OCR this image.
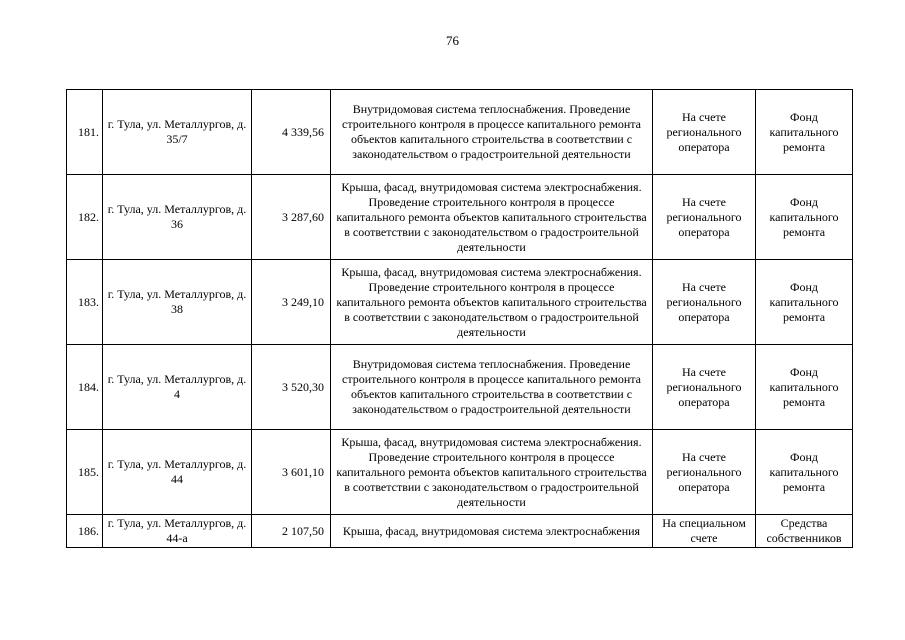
76
181.	г. Тула, ул. Металлургов, д. 35/7	4 339,56	Внутридомовая система теплоснабжения. Проведение строительного контроля в процессе капитального ремонта объектов капитального строительства в соответствии с законодательством о градостроительной деятельности	На счете регионального оператора	Фонд капитального ремонта
182.	г. Тула, ул. Металлургов, д. 36	3 287,60	Крыша, фасад, внутридомовая система электроснабжения. Проведение строительного контроля в процессе капитального ремонта объектов капитального строительства в соответствии с законодательством о градостроительной деятельности	На счете регионального оператора	Фонд капитального ремонта
183.	г. Тула, ул. Металлургов, д. 38	3 249,10	Крыша, фасад, внутридомовая система электроснабжения. Проведение строительного контроля в процессе капитального ремонта объектов капитального строительства в соответствии с законодательством о градостроительной деятельности	На счете регионального оператора	Фонд капитального ремонта
184.	г. Тула, ул. Металлургов, д. 4	3 520,30	Внутридомовая система теплоснабжения. Проведение строительного контроля в процессе капитального ремонта объектов капитального строительства в соответствии с законодательством о градостроительной деятельности	На счете регионального оператора	Фонд капитального ремонта
185.	г. Тула, ул. Металлургов, д. 44	3 601,10	Крыша, фасад, внутридомовая система электроснабжения. Проведение строительного контроля в процессе капитального ремонта объектов капитального строительства в соответствии с законодательством о градостроительной деятельности	На счете регионального оператора	Фонд капитального ремонта
186.	г. Тула, ул. Металлургов, д. 44-а	2 107,50	Крыша, фасад, внутридомовая система электроснабжения	На специальном счете	Средства собственников
